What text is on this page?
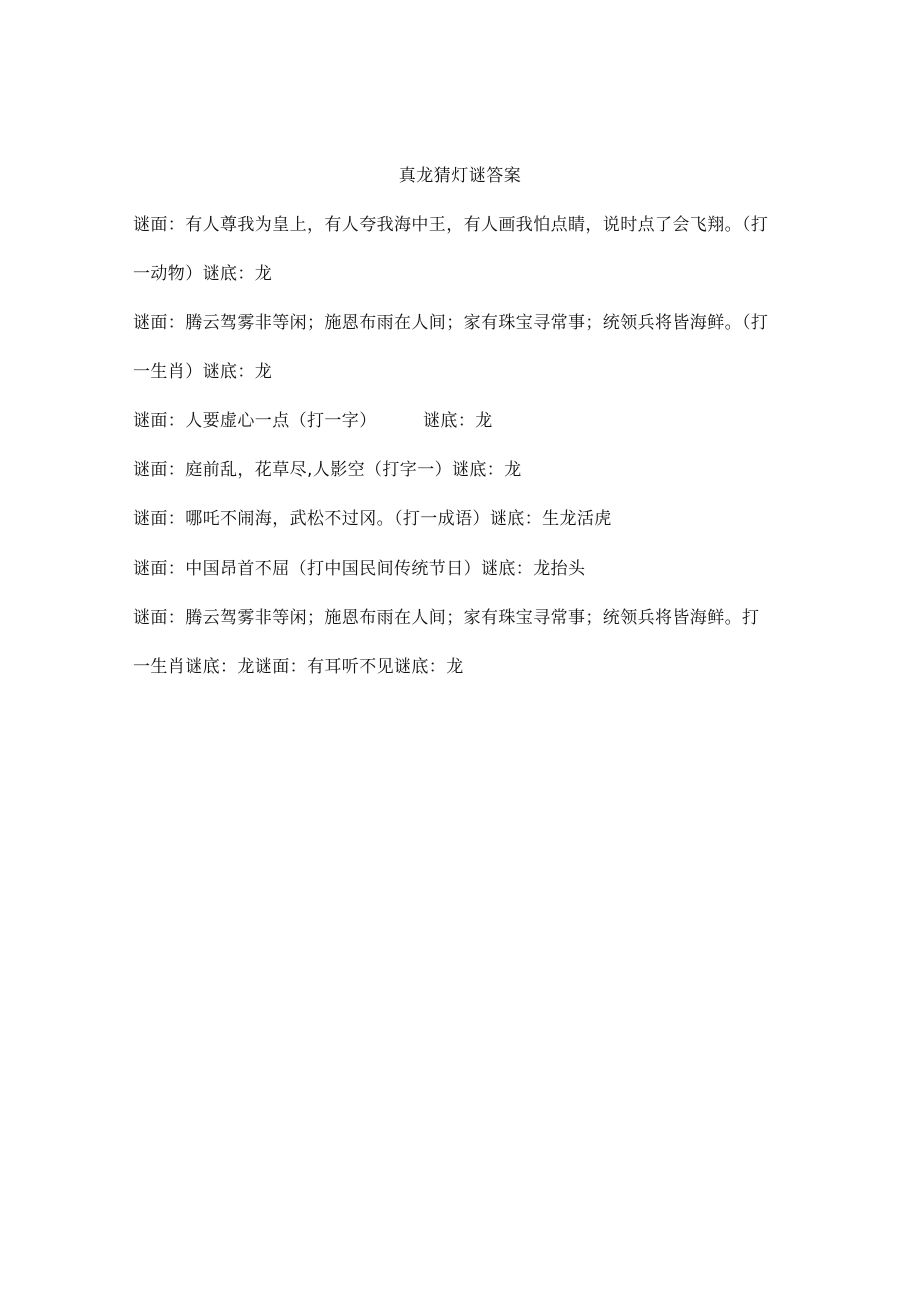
真龙猜灯谜答案
谜面：有人尊我为皇上，有人夸我海中王，有人画我怕点睛，说时点了会飞翔。（打
一动物）谜底：龙
谜面：腾云驾雾非等闲；施恩布雨在人间；家有珠宝寻常事；统领兵将皆海鲜。（打
一生肖）谜底：龙
谜面：人要虚心一点（打一字）        谜底：龙
谜面：庭前乱，花草尽,人影空（打字一）谜底：龙
谜面：哪吒不闹海，武松不过冈。（打一成语）谜底：生龙活虎
谜面：中国昂首不屈（打中国民间传统节日）谜底：龙抬头
谜面：腾云驾雾非等闲；施恩布雨在人间；家有珠宝寻常事；统领兵将皆海鲜。打
一生肖谜底：龙谜面：有耳听不见谜底：龙
